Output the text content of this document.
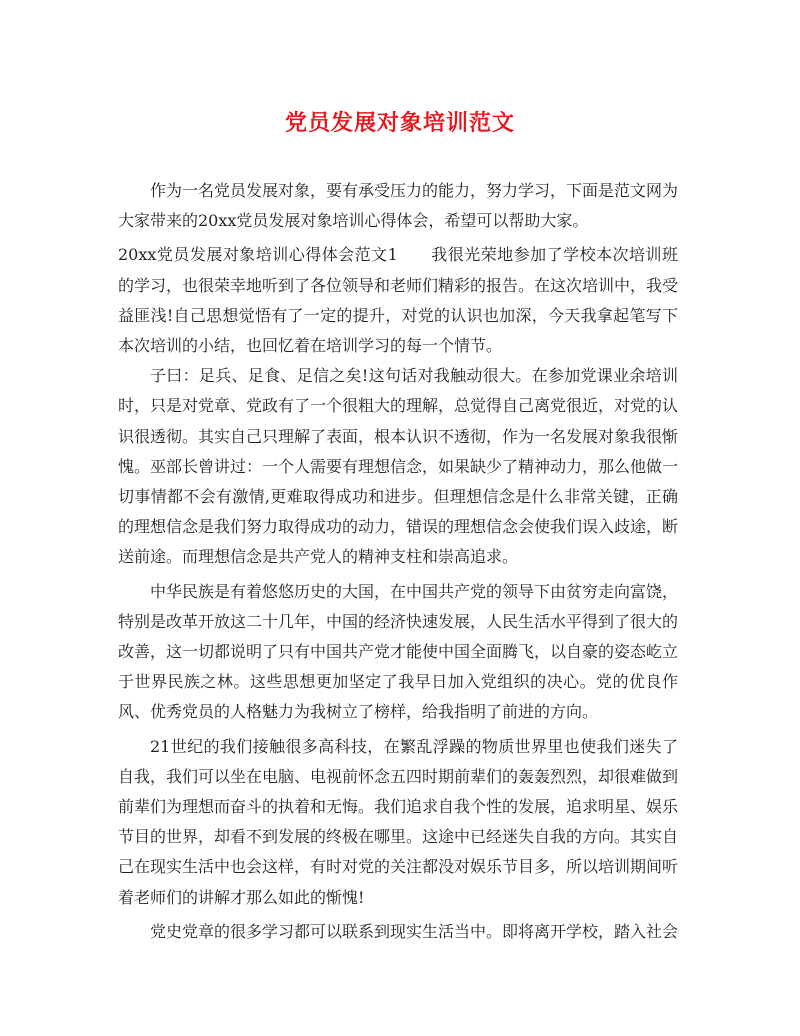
党员发展对象培训范文

作为一名党员发展对象，要有承受压力的能力，努力学习，下面是范文网为大家带来的20xx党员发展对象培训心得体会，希望可以帮助大家。

20xx党员发展对象培训心得体会范文1　　我很光荣地参加了学校本次培训班的学习，也很荣幸地听到了各位领导和老师们精彩的报告。在这次培训中，我受益匪浅!自己思想觉悟有了一定的提升，对党的认识也加深，今天我拿起笔写下本次培训的小结，也回忆着在培训学习的每一个情节。

子曰：足兵、足食、足信之矣!这句话对我触动很大。在参加党课业余培训时，只是对党章、党政有了一个很粗大的理解，总觉得自己离党很近，对党的认识很透彻。其实自己只理解了表面，根本认识不透彻，作为一名发展对象我很惭愧。巫部长曾讲过：一个人需要有理想信念，如果缺少了精神动力，那么他做一切事情都不会有激情,更难取得成功和进步。但理想信念是什么非常关键，正确的理想信念是我们努力取得成功的动力，错误的理想信念会使我们误入歧途，断送前途。而理想信念是共产党人的精神支柱和崇高追求。

中华民族是有着悠悠历史的大国，在中国共产党的领导下由贫穷走向富饶，特别是改革开放这二十几年，中国的经济快速发展，人民生活水平得到了很大的改善，这一切都说明了只有中国共产党才能使中国全面腾飞，以自豪的姿态屹立于世界民族之林。这些思想更加坚定了我早日加入党组织的决心。党的优良作风、优秀党员的人格魅力为我树立了榜样，给我指明了前进的方向。

21世纪的我们接触很多高科技，在繁乱浮躁的物质世界里也使我们迷失了自我，我们可以坐在电脑、电视前怀念五四时期前辈们的轰轰烈烈，却很难做到前辈们为理想而奋斗的执着和无悔。我们追求自我个性的发展，追求明星、娱乐节目的世界，却看不到发展的终极在哪里。这途中已经迷失自我的方向。其实自己在现实生活中也会这样，有时对党的关注都没对娱乐节目多，所以培训期间听着老师们的讲解才那么如此的惭愧!

党史党章的很多学习都可以联系到现实生活当中。即将离开学校，踏入社会
